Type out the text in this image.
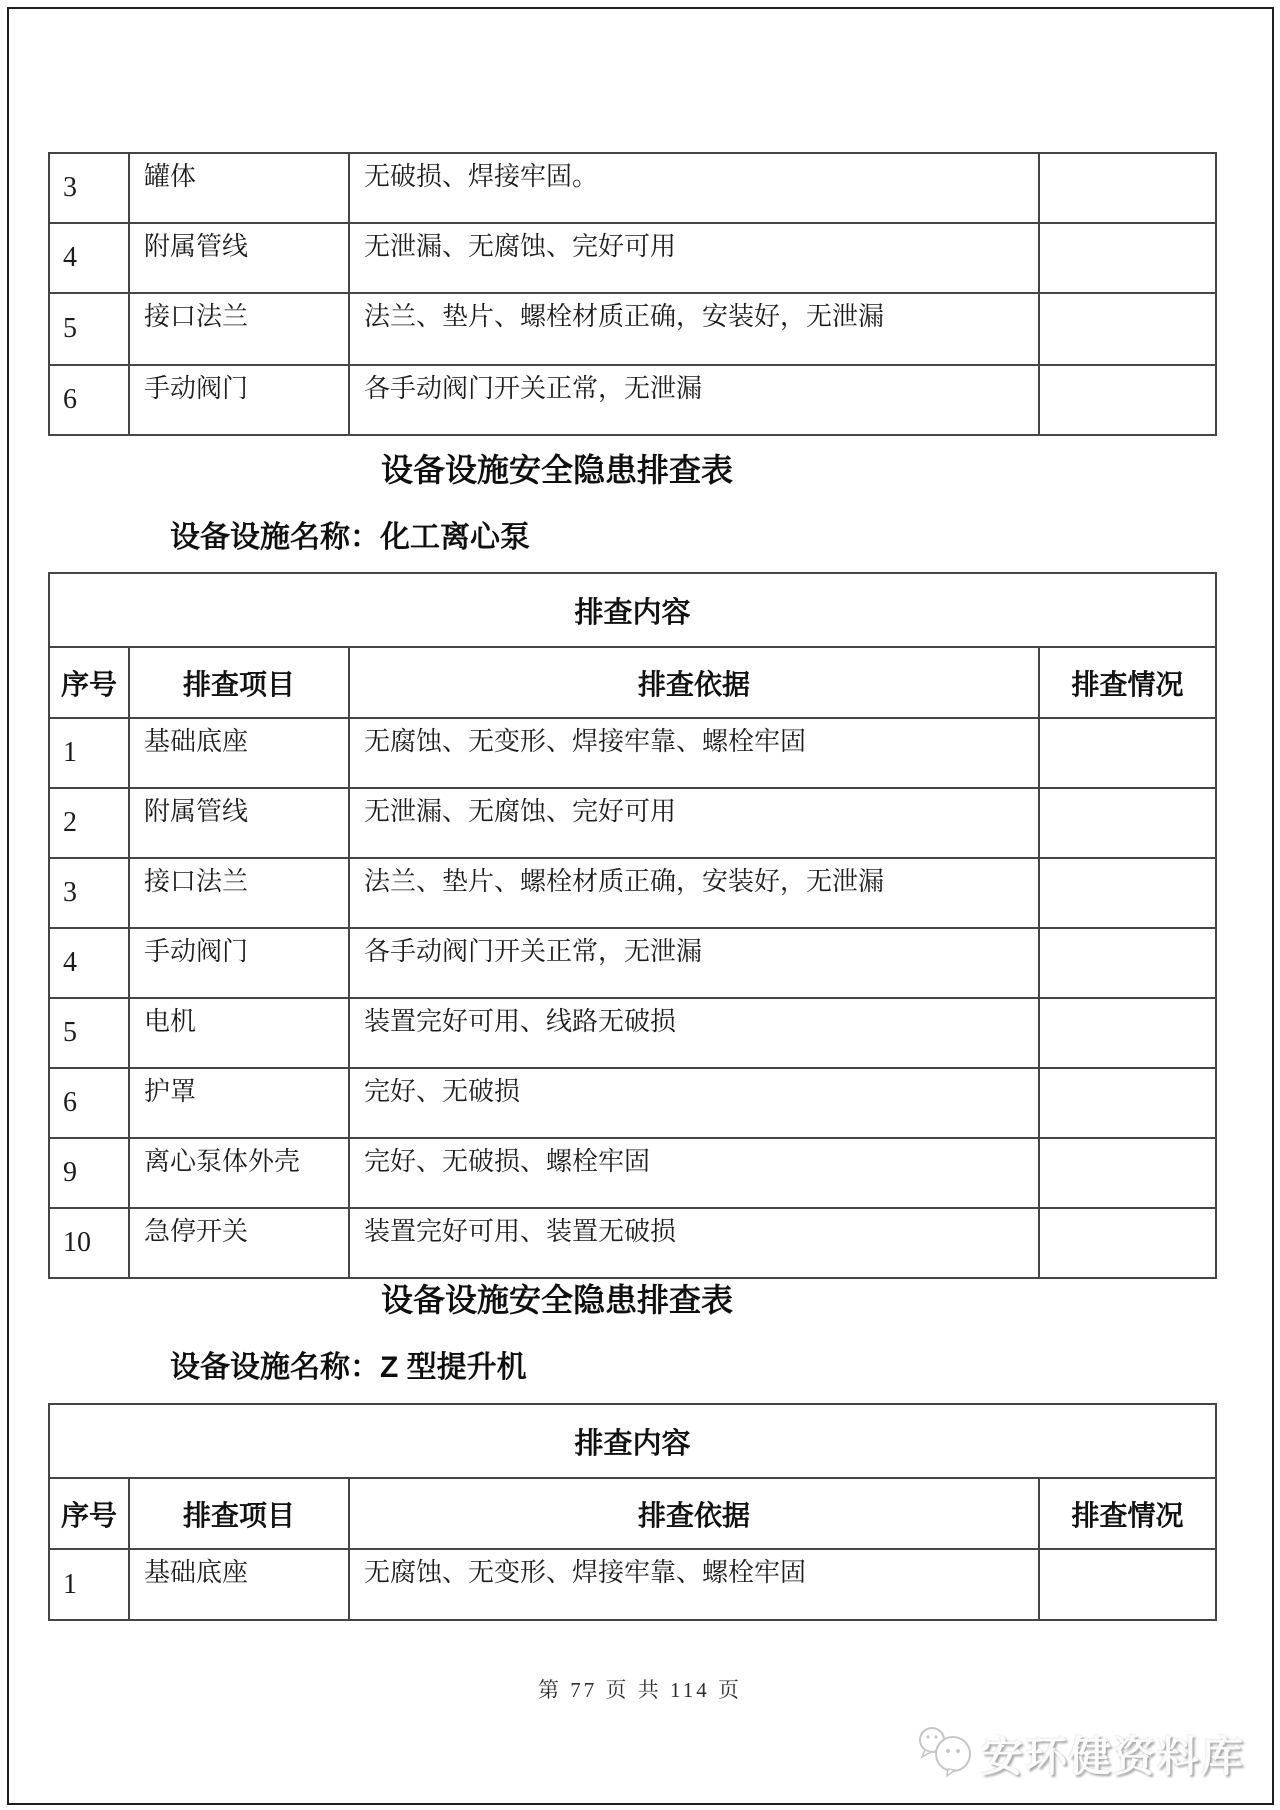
3	罐体	无破损、焊接牢固。	
4	附属管线	无泄漏、无腐蚀、完好可用	
5	接口法兰	法兰、垫片、螺栓材质正确，安装好，无泄漏	
6	手动阀门	各手动阀门开关正常，无泄漏	
设备设施安全隐患排查表
设备设施名称：化工离心泵
排查内容			
序号	排查项目	排查依据	排查情况
1	基础底座	无腐蚀、无变形、焊接牢靠、螺栓牢固	
2	附属管线	无泄漏、无腐蚀、完好可用	
3	接口法兰	法兰、垫片、螺栓材质正确，安装好，无泄漏	
4	手动阀门	各手动阀门开关正常，无泄漏	
5	电机	装置完好可用、线路无破损	
6	护罩	完好、无破损	
9	离心泵体外壳	完好、无破损、螺栓牢固	
10	急停开关	装置完好可用、装置无破损	
设备设施安全隐患排查表
设备设施名称：Z 型提升机
排查内容			
序号	排查项目	排查依据	排查情况
1	基础底座	无腐蚀、无变形、焊接牢靠、螺栓牢固	
第 77 页 共 114 页
安环健资料库
